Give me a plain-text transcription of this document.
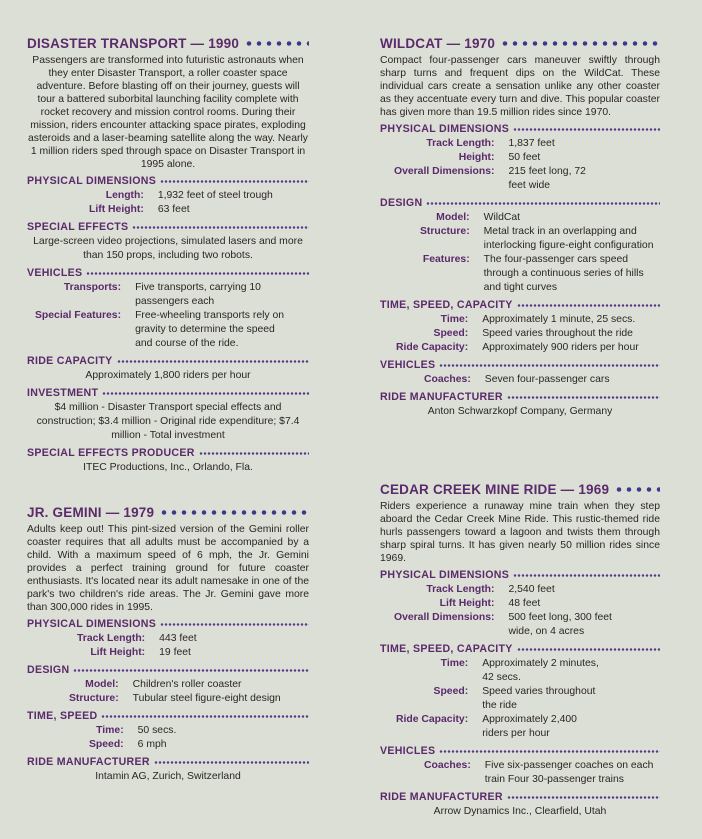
DISASTER TRANSPORT — 1990
Passengers are transformed into futuristic astronauts when they enter Disaster Transport, a roller coaster space adventure. Before blasting off on their journey, guests will tour a battered suborbital launching facility complete with rocket recovery and mission control rooms. During their mission, riders encounter attacking space pirates, exploding asteroids and a laser-beaming satellite along the way. Nearly 1 million riders sped through space on Disaster Transport in 1995 alone.
PHYSICAL DIMENSIONS
Length:	1,932 feet of steel trough
Lift Height:	63 feet
SPECIAL EFFECTS
Large-screen video projections, simulated lasers and more than 150 props, including two robots.
VEHICLES
Transports:	Five transports, carrying 10 passengers each
Special Features:	Free-wheeling transports rely on gravity to determine the speed and course of the ride.
RIDE CAPACITY
Approximately 1,800 riders per hour
INVESTMENT
$4 million - Disaster Transport special effects and construction; $3.4 million - Original ride expenditure; $7.4 million - Total investment
SPECIAL EFFECTS PRODUCER
ITEC Productions, Inc., Orlando, Fla.
JR. GEMINI — 1979
Adults keep out! This pint-sized version of the Gemini roller coaster requires that all adults must be accompanied by a child. With a maximum speed of 6 mph, the Jr. Gemini provides a perfect training ground for future coaster enthusiasts. It's located near its adult namesake in one of the park's two children's ride areas. The Jr. Gemini gave more than 300,000 rides in 1995.
PHYSICAL DIMENSIONS
Track Length:	443 feet
Lift Height:	19 feet
DESIGN
Model:	Children's roller coaster
Structure:	Tubular steel figure-eight design
TIME, SPEED
Time:	50 secs.
Speed:	6 mph
RIDE MANUFACTURER
Intamin AG, Zurich, Switzerland
WILDCAT — 1970
Compact four-passenger cars maneuver swiftly through sharp turns and frequent dips on the WildCat. These individual cars create a sensation unlike any other coaster as they accentuate every turn and dive. This popular coaster has given more than 19.5 million rides since 1970.
PHYSICAL DIMENSIONS
Track Length:	1,837 feet
Height:	50 feet
Overall Dimensions:	215 feet long, 72 feet wide
DESIGN
Model:	WildCat
Structure:	Metal track in an overlapping and interlocking figure-eight configuration
Features:	The four-passenger cars speed through a continuous series of hills and tight curves
TIME, SPEED, CAPACITY
Time:	Approximately 1 minute, 25 secs.
Speed:	Speed varies throughout the ride
Ride Capacity:	Approximately 900 riders per hour
VEHICLES
Coaches:	Seven four-passenger cars
RIDE MANUFACTURER
Anton Schwarzkopf Company, Germany
CEDAR CREEK MINE RIDE — 1969
Riders experience a runaway mine train when they step aboard the Cedar Creek Mine Ride. This rustic-themed ride hurls passengers toward a lagoon and twists them through sharp spiral turns. It has given nearly 50 million rides since 1969.
PHYSICAL DIMENSIONS
Track Length:	2,540 feet
Lift Height:	48 feet
Overall Dimensions:	500 feet long, 300 feet wide, on 4 acres
TIME, SPEED, CAPACITY
Time:	Approximately 2 minutes, 42 secs.
Speed:	Speed varies throughout the ride
Ride Capacity:	Approximately 2,400 riders per hour
VEHICLES
Coaches:	Five six-passenger coaches on each train Four 30-passenger trains
RIDE MANUFACTURER
Arrow Dynamics Inc., Clearfield, Utah
